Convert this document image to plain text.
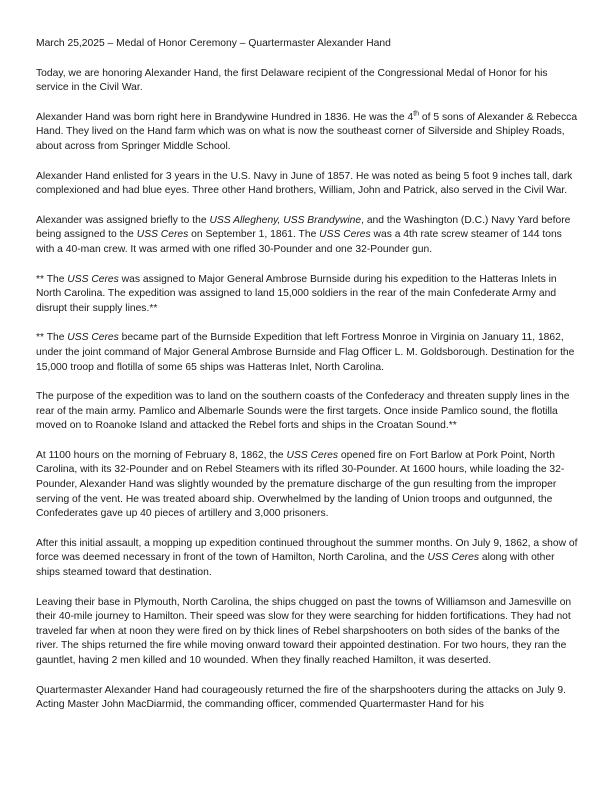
March 25,2025 – Medal of Honor Ceremony – Quartermaster Alexander Hand

Today, we are honoring Alexander Hand, the first Delaware recipient of the Congressional Medal of Honor for his service in the Civil War.

Alexander Hand was born right here in Brandywine Hundred in 1836. He was the 4th of 5 sons of Alexander & Rebecca Hand. They lived on the Hand farm which was on what is now the southeast corner of Silverside and Shipley Roads, about across from Springer Middle School.

Alexander Hand enlisted for 3 years in the U.S. Navy in June of 1857. He was noted as being 5 foot 9 inches tall, dark complexioned and had blue eyes. Three other Hand brothers, William, John and Patrick, also served in the Civil War.

Alexander was assigned briefly to the USS Allegheny, USS Brandywine, and the Washington (D.C.) Navy Yard before being assigned to the USS Ceres on September 1, 1861. The USS Ceres was a 4th rate screw steamer of 144 tons with a 40-man crew. It was armed with one rifled 30-Pounder and one 32-Pounder gun.

** The USS Ceres was assigned to Major General Ambrose Burnside during his expedition to the Hatteras Inlets in North Carolina. The expedition was assigned to land 15,000 soldiers in the rear of the main Confederate Army and disrupt their supply lines.**

** The USS Ceres became part of the Burnside Expedition that left Fortress Monroe in Virginia on January 11, 1862, under the joint command of Major General Ambrose Burnside and Flag Officer L. M. Goldsborough. Destination for the 15,000 troop and flotilla of some 65 ships was Hatteras Inlet, North Carolina.

The purpose of the expedition was to land on the southern coasts of the Confederacy and threaten supply lines in the rear of the main army. Pamlico and Albemarle Sounds were the first targets. Once inside Pamlico sound, the flotilla moved on to Roanoke Island and attacked the Rebel forts and ships in the Croatan Sound.**

At 1100 hours on the morning of February 8, 1862, the USS Ceres opened fire on Fort Barlow at Pork Point, North Carolina, with its 32-Pounder and on Rebel Steamers with its rifled 30-Pounder. At 1600 hours, while loading the 32-Pounder, Alexander Hand was slightly wounded by the premature discharge of the gun resulting from the improper serving of the vent. He was treated aboard ship. Overwhelmed by the landing of Union troops and outgunned, the Confederates gave up 40 pieces of artillery and 3,000 prisoners.

After this initial assault, a mopping up expedition continued throughout the summer months. On July 9, 1862, a show of force was deemed necessary in front of the town of Hamilton, North Carolina, and the USS Ceres along with other ships steamed toward that destination.

Leaving their base in Plymouth, North Carolina, the ships chugged on past the towns of Williamson and Jamesville on their 40-mile journey to Hamilton. Their speed was slow for they were searching for hidden fortifications. They had not traveled far when at noon they were fired on by thick lines of Rebel sharpshooters on both sides of the banks of the river. The ships returned the fire while moving onward toward their appointed destination. For two hours, they ran the gauntlet, having 2 men killed and 10 wounded. When they finally reached Hamilton, it was deserted.

Quartermaster Alexander Hand had courageously returned the fire of the sharpshooters during the attacks on July 9. Acting Master John MacDiarmid, the commanding officer, commended Quartermaster Hand for his
